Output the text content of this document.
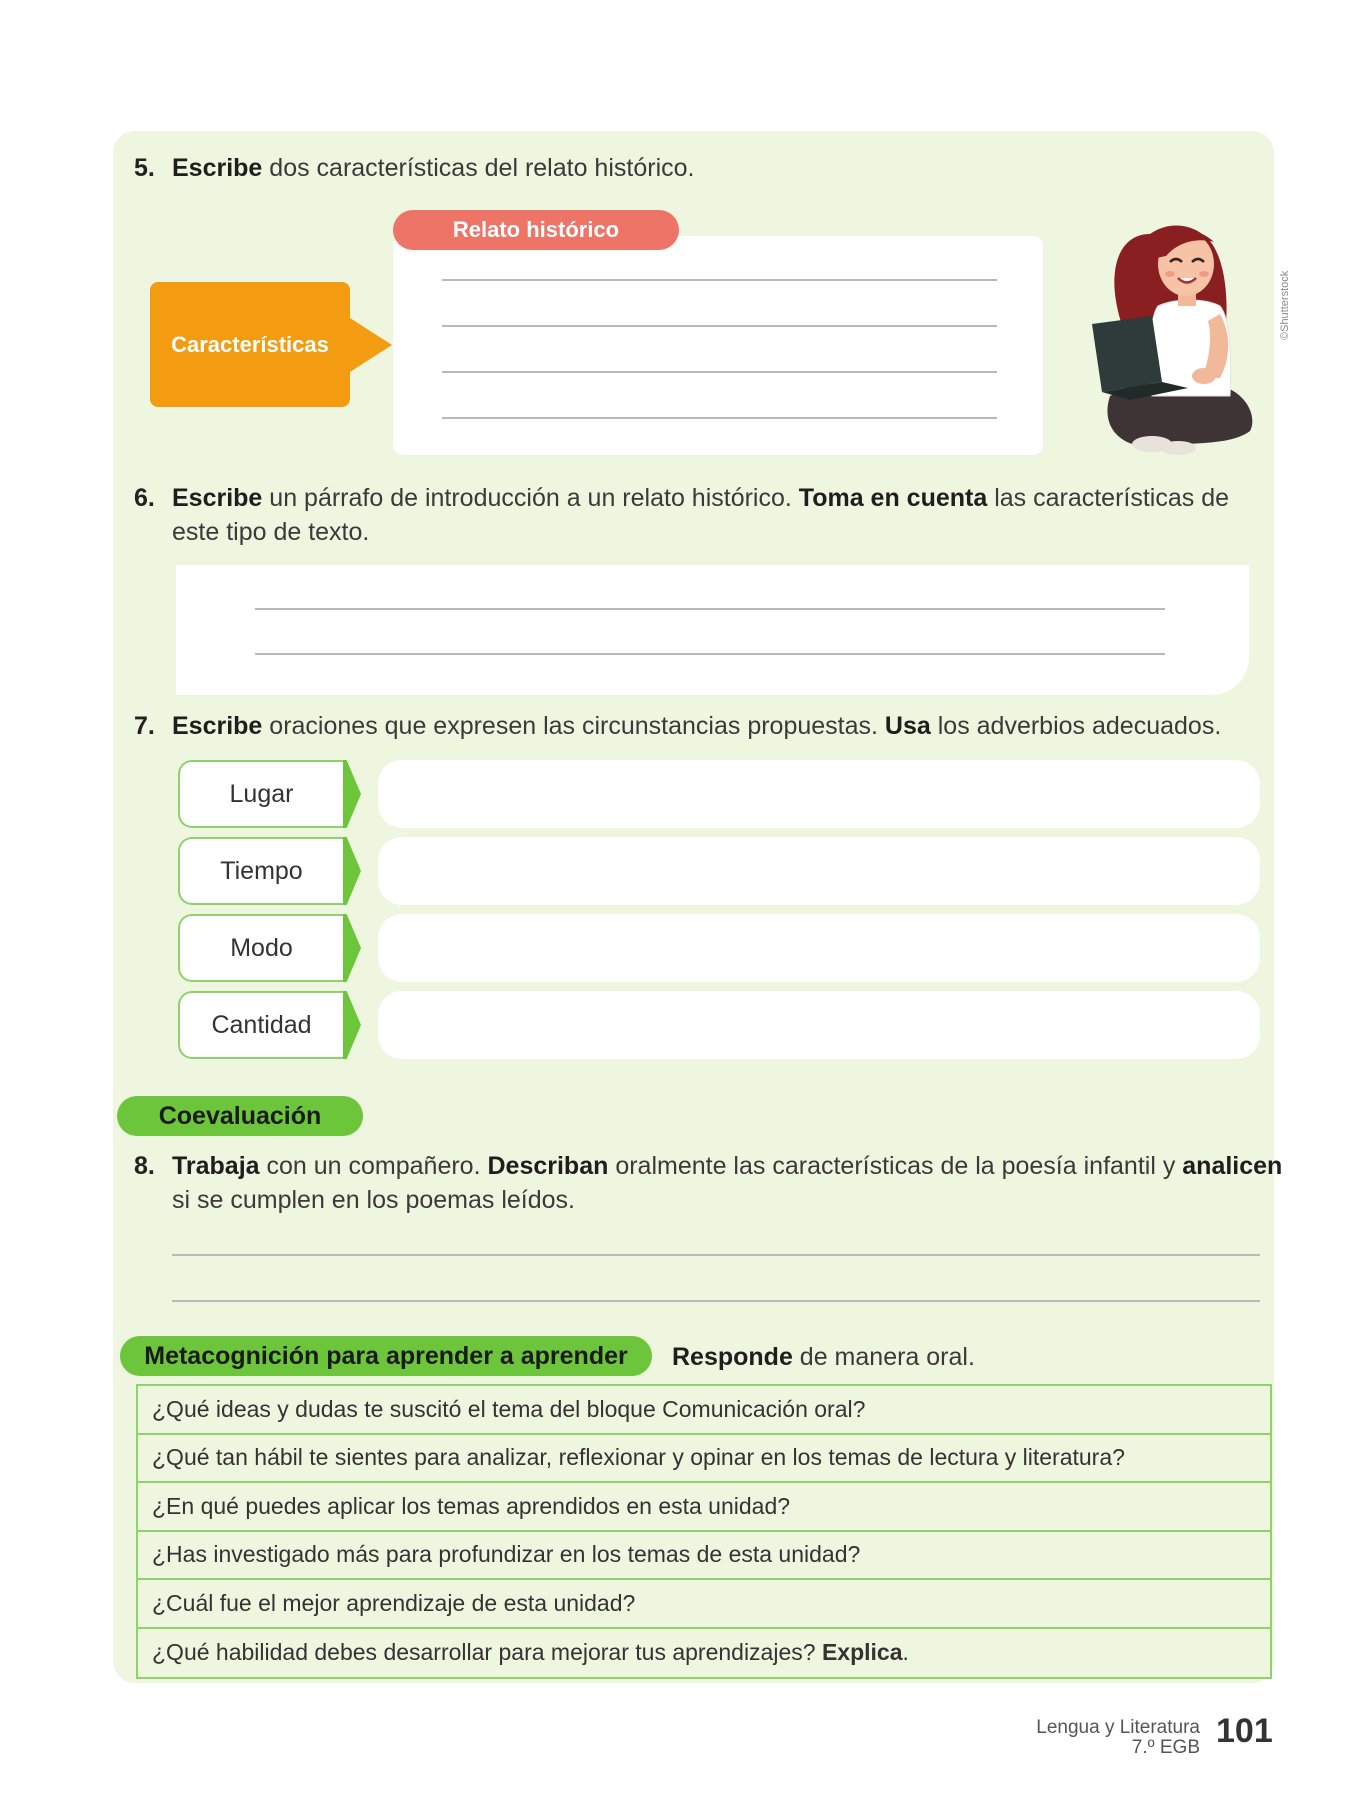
5. Escribe dos características del relato histórico.
Relato histórico
Características
©Shutterstock
6. Escribe un párrafo de introducción a un relato histórico. Toma en cuenta las características de
este tipo de texto.
7. Escribe oraciones que expresen las circunstancias propuestas. Usa los adverbios adecuados.
Lugar
Tiempo
Modo
Cantidad
Coevaluación
8. Trabaja con un compañero. Describan oralmente las características de la poesía infantil y analicen
si se cumplen en los poemas leídos.
Metacognición para aprender a aprender	Responde de manera oral.
¿Qué ideas y dudas te suscitó el tema del bloque Comunicación oral?
¿Qué tan hábil te sientes para analizar, reflexionar y opinar en los temas de lectura y literatura?
¿En qué puedes aplicar los temas aprendidos en esta unidad?
¿Has investigado más para profundizar en los temas de esta unidad?
¿Cuál fue el mejor aprendizaje de esta unidad?
¿Qué habilidad debes desarrollar para mejorar tus aprendizajes? Explica .
Lengua y Literatura
7.º EGB 101
